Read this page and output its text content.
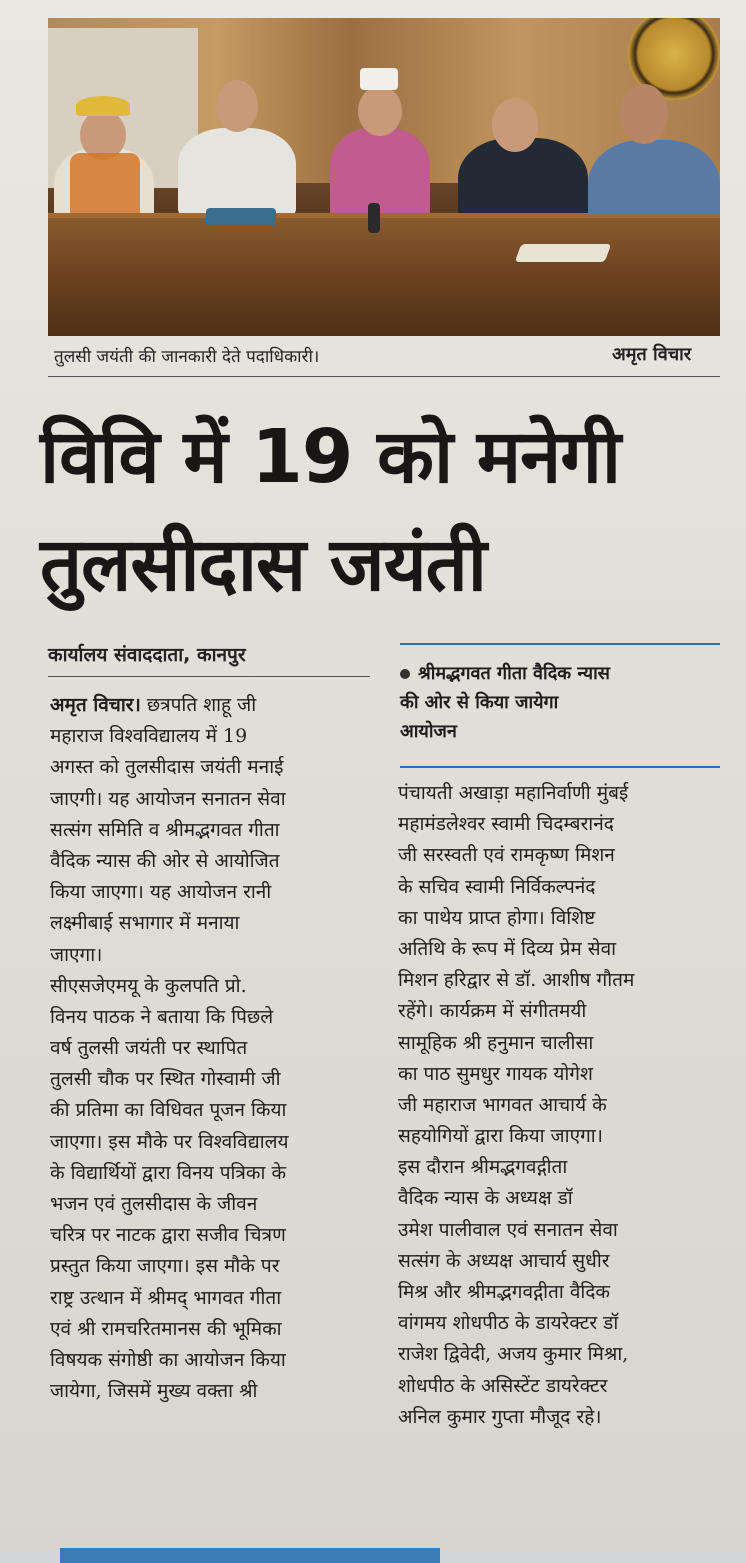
तुलसी जयंती की जानकारी देते पदाधिकारी।	अमृत विचार
विवि में 19 को मनेगी
तुलसीदास जयंती
कार्यालय संवाददाता, कानपुर
श्रीमद्भगवत गीता वैदिक न्यास
की ओर से किया जायेगा
आयोजन
अमृत विचार। छत्रपति शाहू जी
महाराज विश्वविद्यालय में 19
अगस्त को तुलसीदास जयंती मनाई
जाएगी। यह आयोजन सनातन सेवा
सत्संग समिति व श्रीमद्भगवत गीता
वैदिक न्यास की ओर से आयोजित
किया जाएगा। यह आयोजन रानी
लक्ष्मीबाई सभागार में मनाया
जाएगा।
सीएसजेएमयू के कुलपति प्रो.
विनय पाठक ने बताया कि पिछले
वर्ष तुलसी जयंती पर स्थापित
तुलसी चौक पर स्थित गोस्वामी जी
की प्रतिमा का विधिवत पूजन किया
जाएगा। इस मौके पर विश्वविद्यालय
के विद्यार्थियों द्वारा विनय पत्रिका के
भजन एवं तुलसीदास के जीवन
चरित्र पर नाटक द्वारा सजीव चित्रण
प्रस्तुत किया जाएगा। इस मौके पर
राष्ट्र उत्थान में श्रीमद् भागवत गीता
एवं श्री रामचरितमानस की भूमिका
विषयक संगोष्ठी का आयोजन किया
जायेगा, जिसमें मुख्य वक्ता श्री
पंचायती अखाड़ा महानिर्वाणी मुंबई
महामंडलेश्वर स्वामी चिदम्बरानंद
जी सरस्वती एवं रामकृष्ण मिशन
के सचिव स्वामी निर्विकल्पनंद
का पाथेय प्राप्त होगा। विशिष्ट
अतिथि के रूप में दिव्य प्रेम सेवा
मिशन हरिद्वार से डॉ. आशीष गौतम
रहेंगे। कार्यक्रम में संगीतमयी
सामूहिक श्री हनुमान चालीसा
का पाठ सुमधुर गायक योगेश
जी महाराज भागवत आचार्य के
सहयोगियों द्वारा किया जाएगा।
इस दौरान श्रीमद्भगवद्गीता
वैदिक न्यास के अध्यक्ष डॉ
उमेश पालीवाल एवं सनातन सेवा
सत्संग के अध्यक्ष आचार्य सुधीर
मिश्र और श्रीमद्भगवद्गीता वैदिक
वांगमय शोधपीठ के डायरेक्टर डॉ
राजेश द्विवेदी, अजय कुमार मिश्रा,
शोधपीठ के असिस्टेंट डायरेक्टर
अनिल कुमार गुप्ता मौजूद रहे।
